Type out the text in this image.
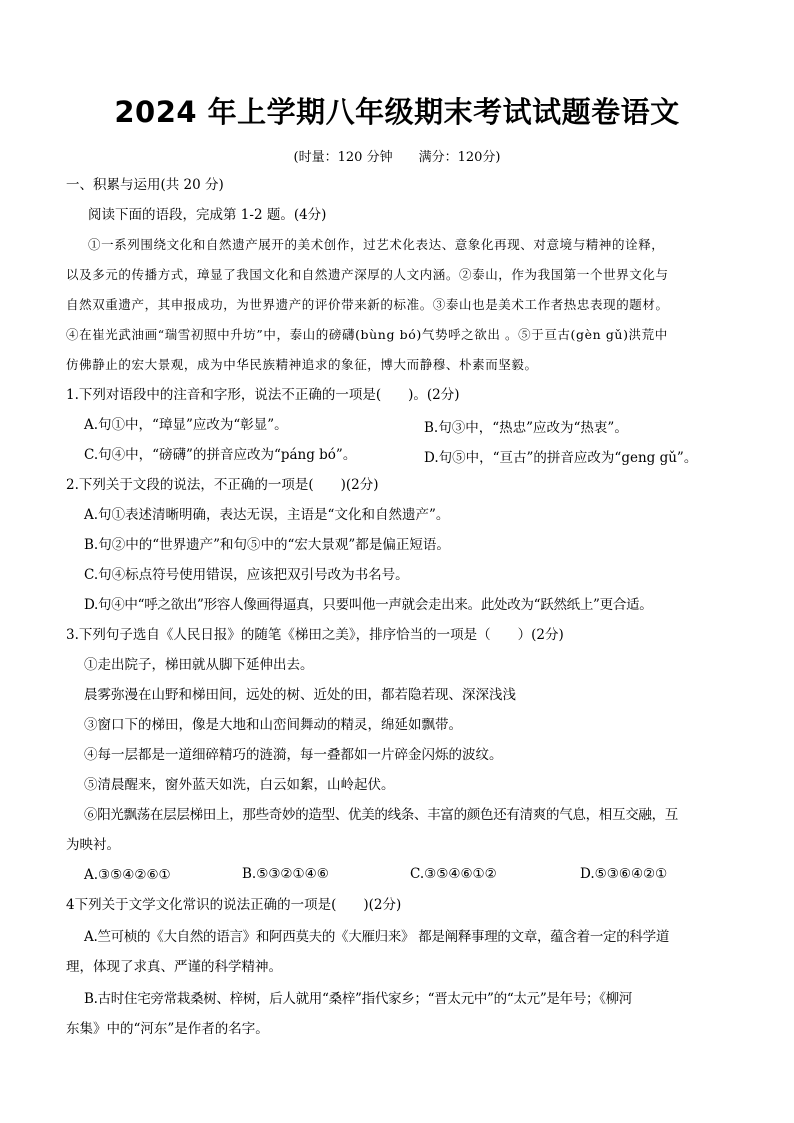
2024 年上学期八年级期末考试试题卷语文
(时量：120 分钟　　满分：120分)
一、积累与运用(共 20 分)
阅读下面的语段，完成第 1-2 题。(4分)
①一系列围绕文化和自然遗产展开的美术创作，过艺术化表达、意象化再现、对意境与精神的诠释，
以及多元的传播方式，璋显了我国文化和自然遗产深厚的人文内涵。②泰山，作为我国第一个世界文化与
自然双重遗产，其申报成功，为世界遗产的评价带来新的标准。③泰山也是美术工作者热忠表现的题材。
④在崔光武油画“瑞雪初照中升坊”中，泰山的磅礴(bùng bó)气势呼之欲出 。⑤于亘古(gèn gǔ)洪荒中
仿佛静止的宏大景观，成为中华民族精神追求的象征，博大而静穆、朴素而坚毅。
1.下列对语段中的注音和字形，说法不正确的一项是(　　)。(2分)
A.句①中，“璋显”应改为“彰显”。	B.句③中，“热忠”应改为“热衷”。
C.句④中，“磅礴”的拼音应改为“páng bó”。	D.句⑤中，“亘古”的拼音应改为“geng gǔ”。
2.下列关于文段的说法，不正确的一项是(　　)(2分)
A.句①表述清晰明确，表达无误，主语是“文化和自然遗产”。
B.句②中的“世界遗产”和句⑤中的“宏大景观”都是偏正短语。
C.句④标点符号使用错误，应该把双引号改为书名号。
D.句④中“呼之欲出”形容人像画得逼真，只要叫他一声就会走出来。此处改为“跃然纸上”更合适。
3.下列句子选自《人民日报》的随笔《梯田之美》，排序恰当的一项是（　　）(2分)
①走出院子，梯田就从脚下延伸出去。
晨雾弥漫在山野和梯田间，远处的树、近处的田，都若隐若现、深深浅浅
③窗口下的梯田，像是大地和山峦间舞动的精灵，绵延如飘带。
④每一层都是一道细碎精巧的涟漪，每一叠都如一片碎金闪烁的波纹。
⑤清晨醒来，窗外蓝天如洗，白云如絮，山岭起伏。
⑥阳光飘荡在层层梯田上，那些奇妙的造型、优美的线条、丰富的颜色还有清爽的气息，相互交融，互
为映衬。
A.③⑤④②⑥①	B.⑤③②①④⑥	C.③⑤④⑥①②	D.⑤③⑥④②①
4下列关于文学文化常识的说法正确的一项是(　　)(2分)
A.竺可桢的《大自然的语言》和阿西莫夫的《大雁归来》 都是阐释事理的文章，蕴含着一定的科学道
理，体现了求真、严谨的科学精神。
B.古时住宅旁常栽桑树、梓树，后人就用“桑梓”指代家乡；“晋太元中”的“太元”是年号；《柳河
东集》中的“河东”是作者的名字。
